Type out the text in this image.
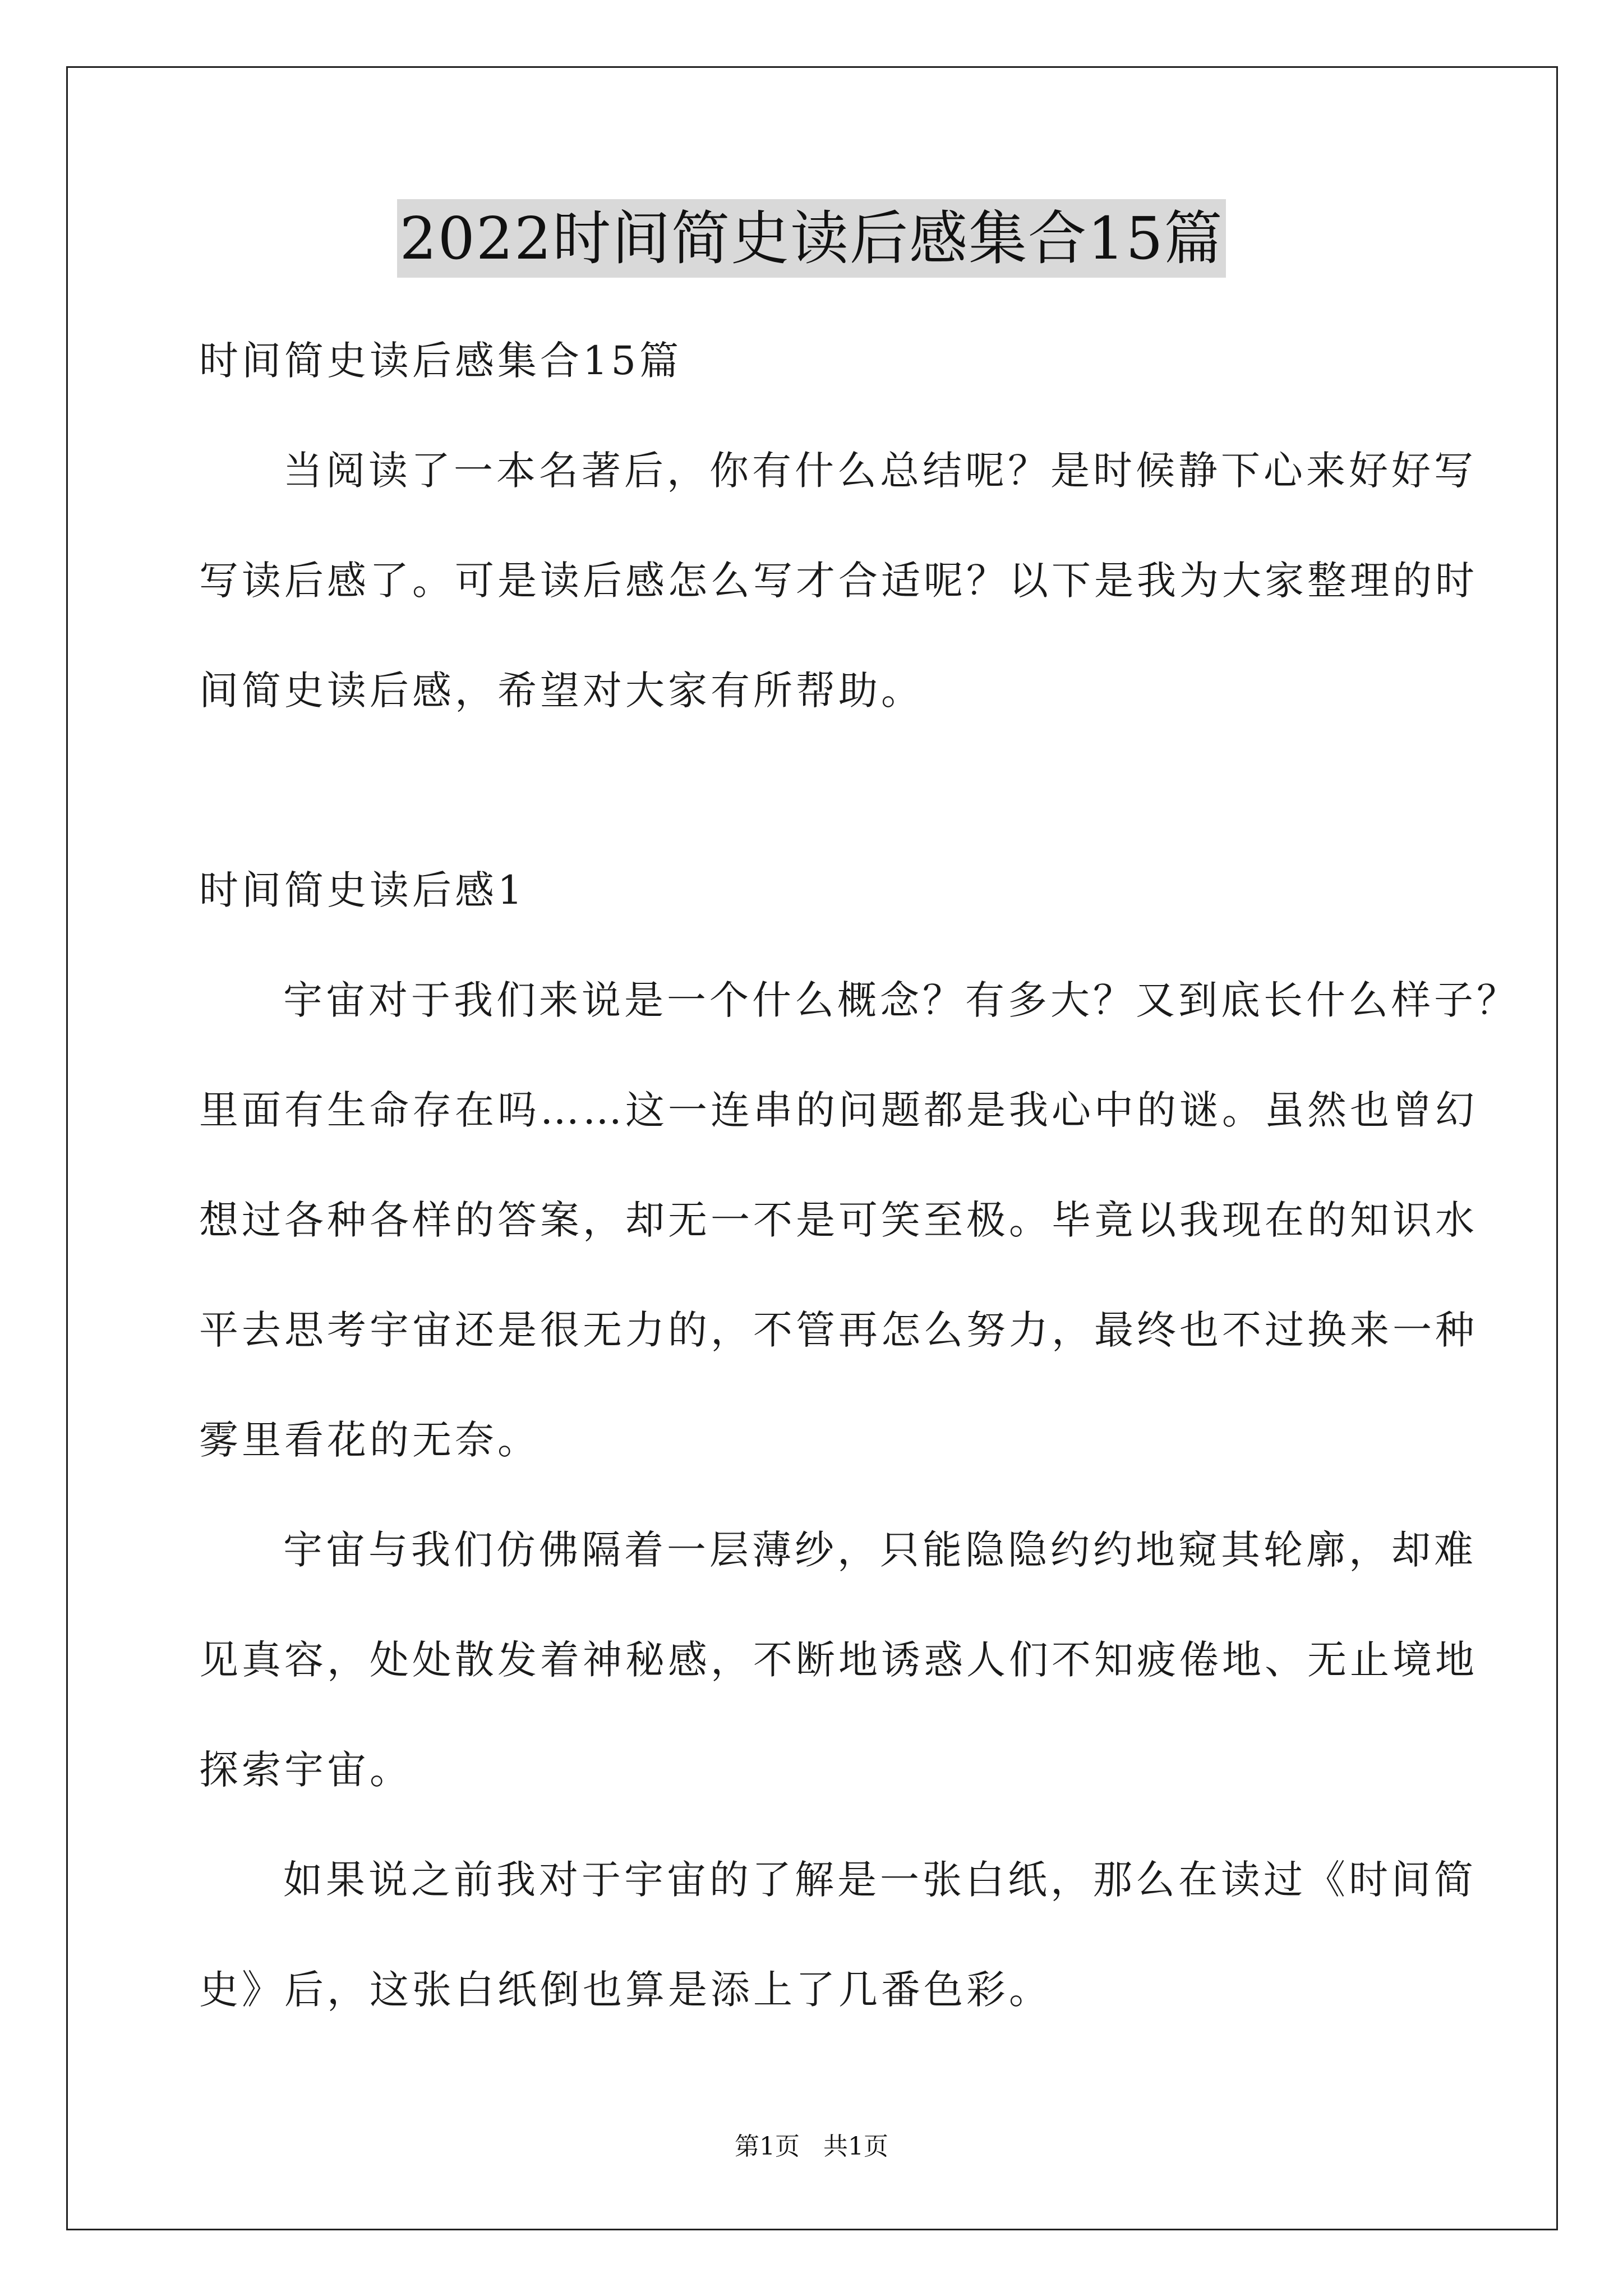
2022时间简史读后感集合15篇
时间简史读后感集合15篇
当阅读了一本名著后，你有什么总结呢？是时候静下心来好好写
写读后感了。可是读后感怎么写才合适呢？以下是我为大家整理的时
间简史读后感，希望对大家有所帮助。
时间简史读后感1
宇宙对于我们来说是一个什么概念？有多大？又到底长什么样子？
里面有生命存在吗……这一连串的问题都是我心中的谜。虽然也曾幻
想过各种各样的答案，却无一不是可笑至极。毕竟以我现在的知识水
平去思考宇宙还是很无力的，不管再怎么努力，最终也不过换来一种
雾里看花的无奈。
宇宙与我们仿佛隔着一层薄纱，只能隐隐约约地窥其轮廓，却难
见真容，处处散发着神秘感，不断地诱惑人们不知疲倦地、无止境地
探索宇宙。
如果说之前我对于宇宙的了解是一张白纸，那么在读过《时间简
史》后，这张白纸倒也算是添上了几番色彩。
第1页   共1页
